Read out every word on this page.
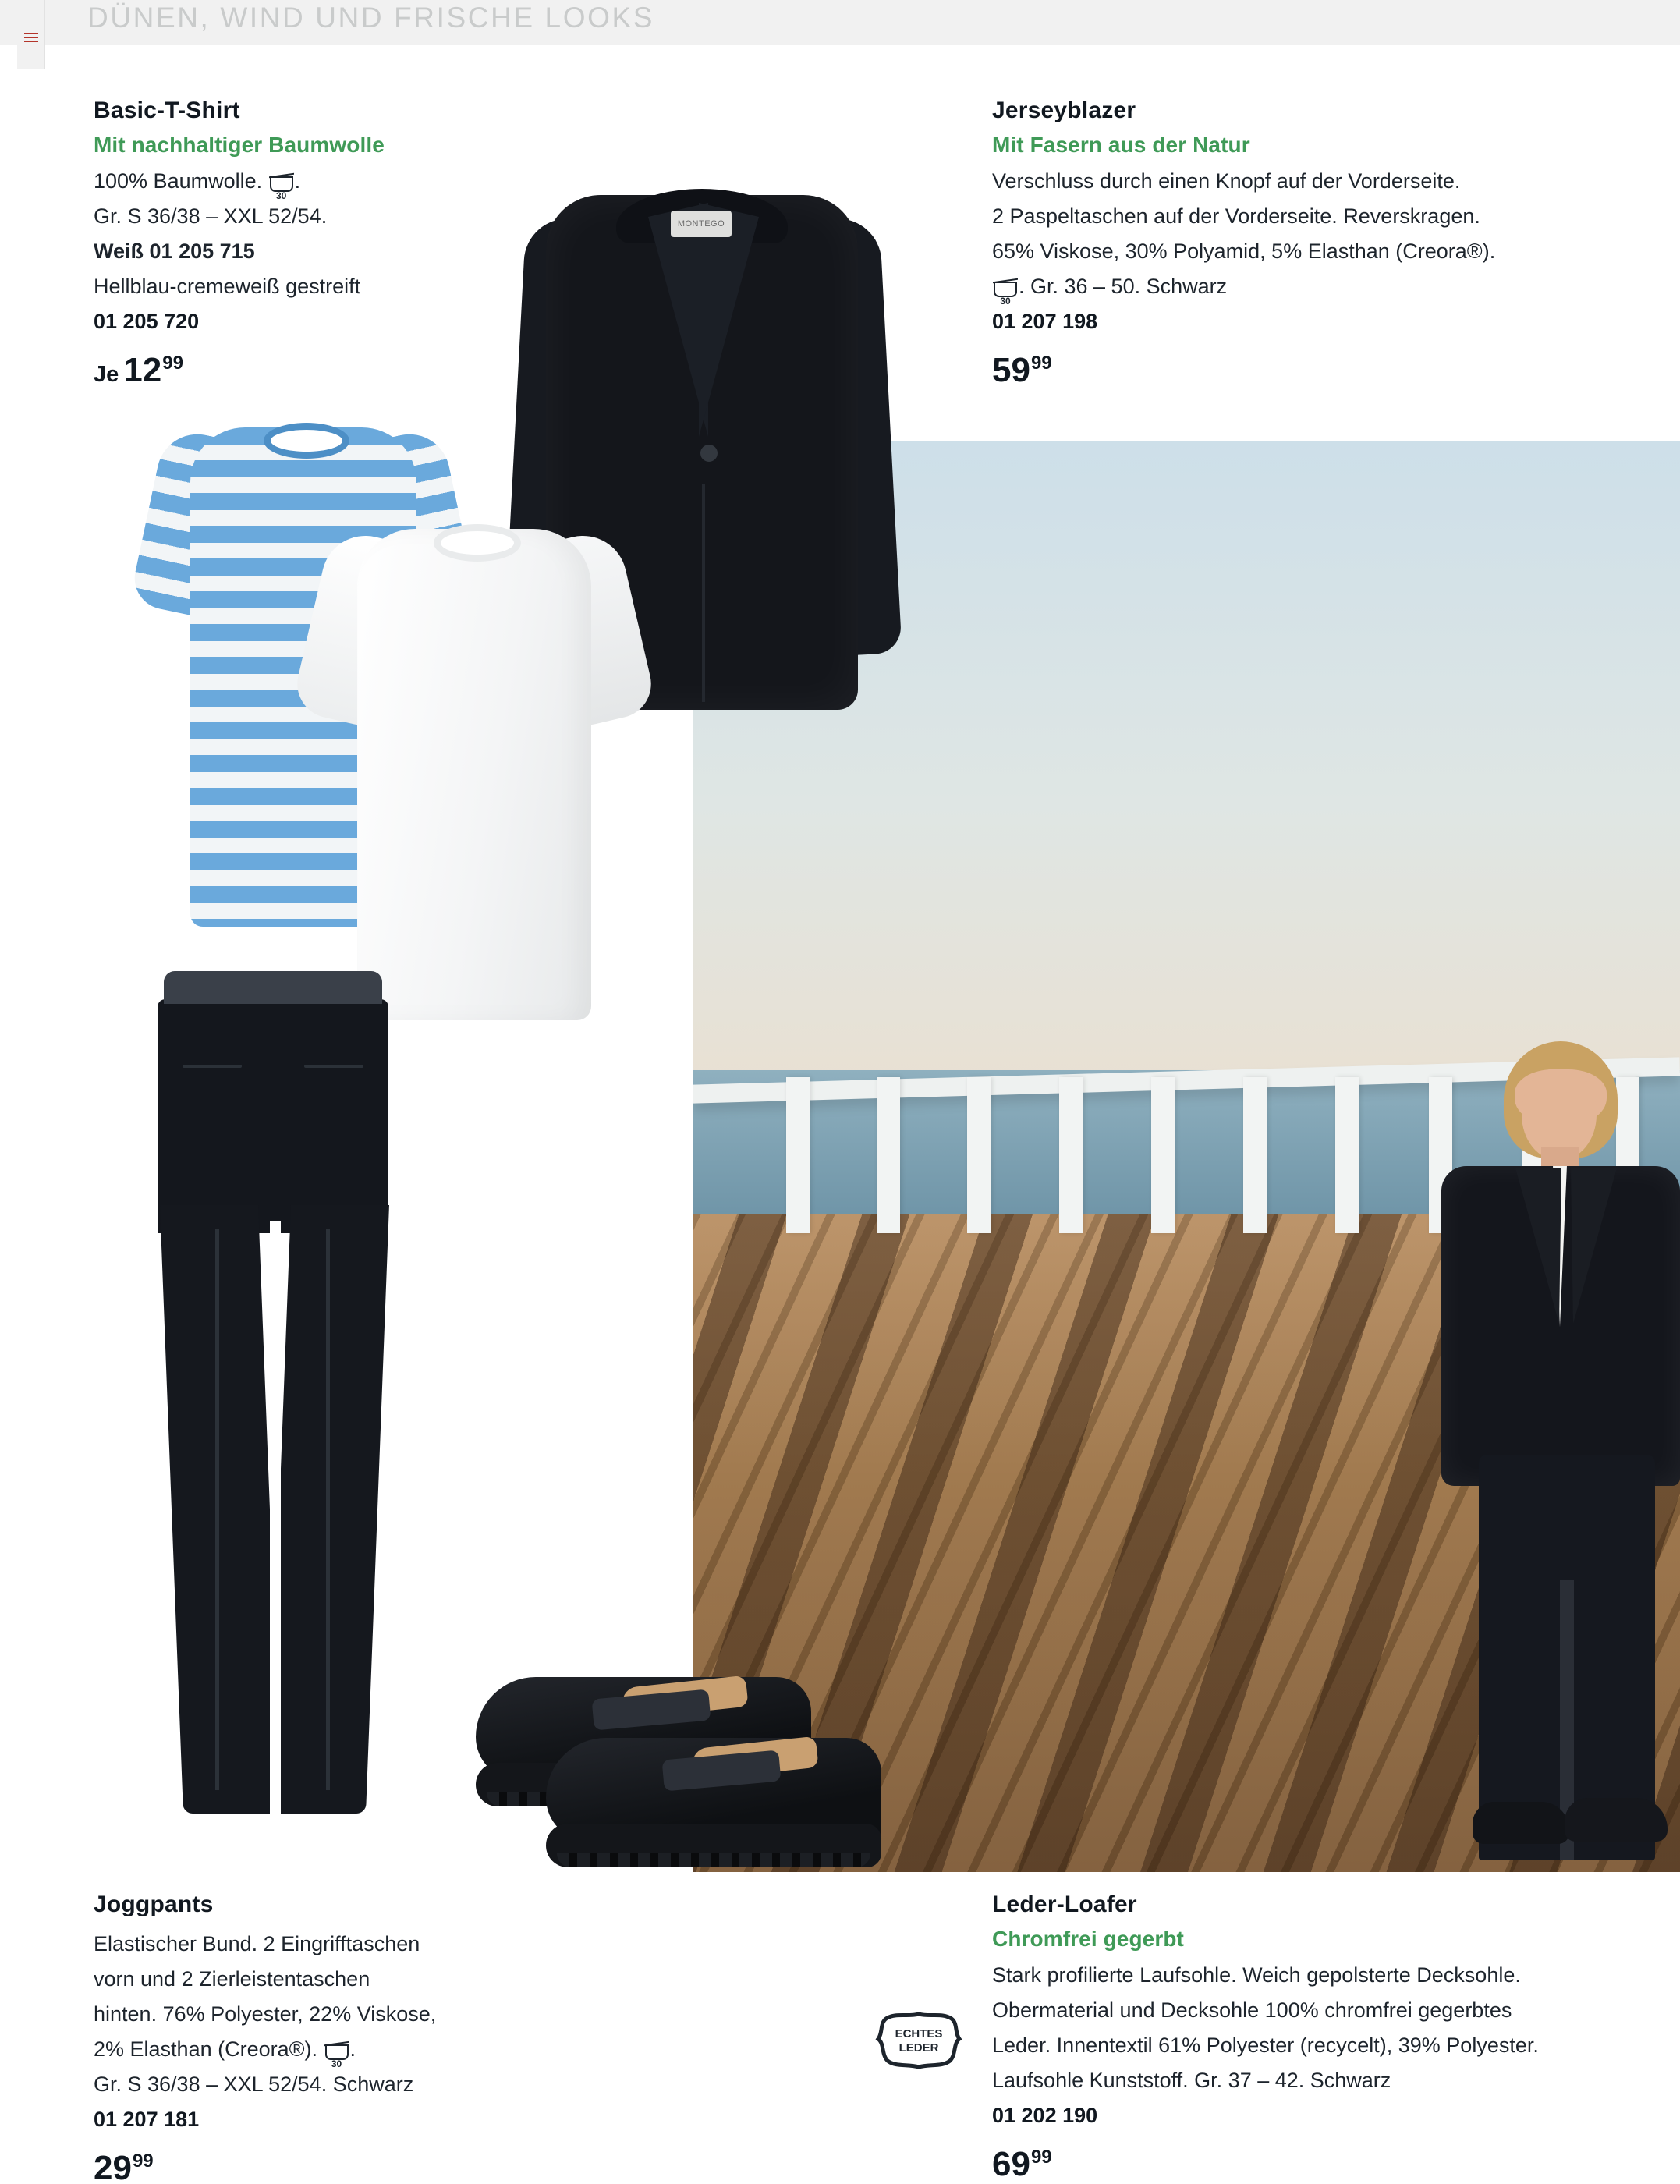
DÜNEN, WIND UND FRISCHE LOOKS
Basic-T-Shirt
Mit nachhaltiger Baumwolle
100% Baumwolle.
30
.
Gr. S 36/38 – XXL 52/54.
Weiß 01 205 715
Hellblau-cremeweiß gestreift
01 205 720
Je $12^{99}$
Jerseyblazer
Mit Fasern aus der Natur
Verschluss durch einen Knopf auf der Vorderseite.
2 Paspeltaschen auf der Vorderseite. Reverskragen.
65% Viskose, 30% Polyamid, 5% Elasthan (Creora®).
30
. Gr. 36 – 50. Schwarz
01 207 198
$59^{99}$
MONTEGO
ECHTES
LEDER
Joggpants
Elastischer Bund. 2 Eingrifftaschen
vorn und 2 Zierleistentaschen
hinten. 76% Polyester, 22% Viskose,
2% Elasthan (Creora®).
30
.
Gr. S 36/38 – XXL 52/54. Schwarz
01 207 181
$29^{99}$
Leder-Loafer
Chromfrei gegerbt
Stark profilierte Laufsohle. Weich gepolsterte Decksohle.
Obermaterial und Decksohle 100% chromfrei gegerbtes
Leder. Innentextil 61% Polyester (recycelt), 39% Polyester.
Laufsohle Kunststoff. Gr. 37 – 42. Schwarz
01 202 190
$69^{99}$
